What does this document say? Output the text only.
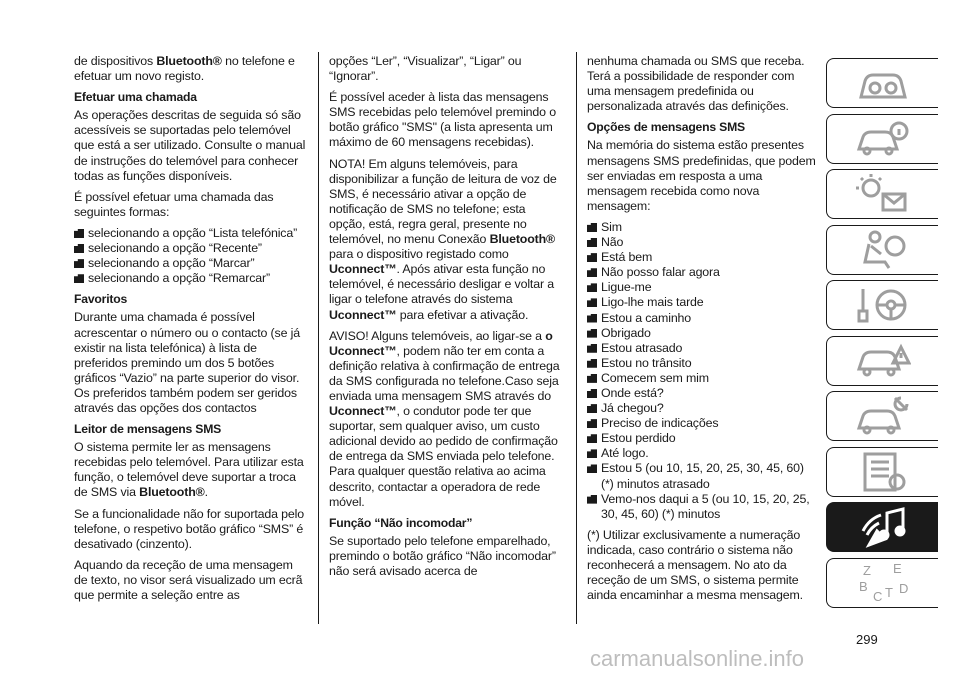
de dispositivos Bluetooth® no telefone e efetuar um novo registo.

Efetuar uma chamada

As operações descritas de seguida só são acessíveis se suportadas pelo telemóvel que está a ser utilizado. Consulte o manual de instruções do telemóvel para conhecer todas as funções disponíveis.

É possível efetuar uma chamada das seguintes formas:

selecionando a opção “Lista telefónica”
selecionando a opção “Recente”
selecionando a opção “Marcar”
selecionando a opção “Remarcar”
Favoritos

Durante uma chamada é possível acrescentar o número ou o contacto (se já existir na lista telefónica) à lista de preferidos premindo um dos 5 botões gráficos “Vazio” na parte superior do visor. Os preferidos também podem ser geridos através das opções dos contactos

Leitor de mensagens SMS

O sistema permite ler as mensagens recebidas pelo telemóvel. Para utilizar esta função, o telemóvel deve suportar a troca de SMS via Bluetooth®.

Se a funcionalidade não for suportada pelo telefone, o respetivo botão gráfico “SMS” é desativado (cinzento).

Aquando da receção de uma mensagem de texto, no visor será visualizado um ecrã que permite a seleção entre as

opções “Ler”, “Visualizar”, “Ligar” ou “Ignorar”.

É possível aceder à lista das mensagens SMS recebidas pelo telemóvel premindo o botão gráfico "SMS" (a lista apresenta um máximo de 60 mensagens recebidas).

NOTA! Em alguns telemóveis, para disponibilizar a função de leitura de voz de SMS, é necessário ativar a opção de notificação de SMS no telefone; esta opção, está, regra geral, presente no telemóvel, no menu Conexão Bluetooth® para o dispositivo registado como Uconnect™. Após ativar esta função no telemóvel, é necessário desligar e voltar a ligar o telefone através do sistema Uconnect™ para efetivar a ativação.

AVISO! Alguns telemóveis, ao ligar-se a o Uconnect™, podem não ter em conta a definição relativa à confirmação de entrega da SMS configurada no telefone.Caso seja enviada uma mensagem SMS através do Uconnect™, o condutor pode ter que suportar, sem qualquer aviso, um custo adicional devido ao pedido de confirmação de entrega da SMS enviada pelo telefone. Para qualquer questão relativa ao acima descrito, contactar a operadora de rede móvel.

Função “Não incomodar”

Se suportado pelo telefone emparelhado, premindo o botão gráfico “Não incomodar” não será avisado acerca de

nenhuma chamada ou SMS que receba. Terá a possibilidade de responder com uma mensagem predefinida ou personalizada através das definições.

Opções de mensagens SMS

Na memória do sistema estão presentes mensagens SMS predefinidas, que podem ser enviadas em resposta a uma mensagem recebida como nova mensagem:

Sim
Não
Está bem
Não posso falar agora
Ligue-me
Ligo-lhe mais tarde
Estou a caminho
Obrigado
Estou atrasado
Estou no trânsito
Comecem sem mim
Onde está?
Já chegou?
Preciso de indicações
Estou perdido
Até logo.
Estou 5 (ou 10, 15, 20, 25, 30, 45, 60) (*) minutos atrasado
Vemo-nos daqui a 5 (ou 10, 15, 20, 25, 30, 45, 60) (*) minutos

(*) Utilizar exclusivamente a numeração indicada, caso contrário o sistema não reconhecerá a mensagem. No ato da receção de um SMS, o sistema permite ainda encaminhar a mesma mensagem.

Z E
B
C T D
299
carmanualsonline.info
